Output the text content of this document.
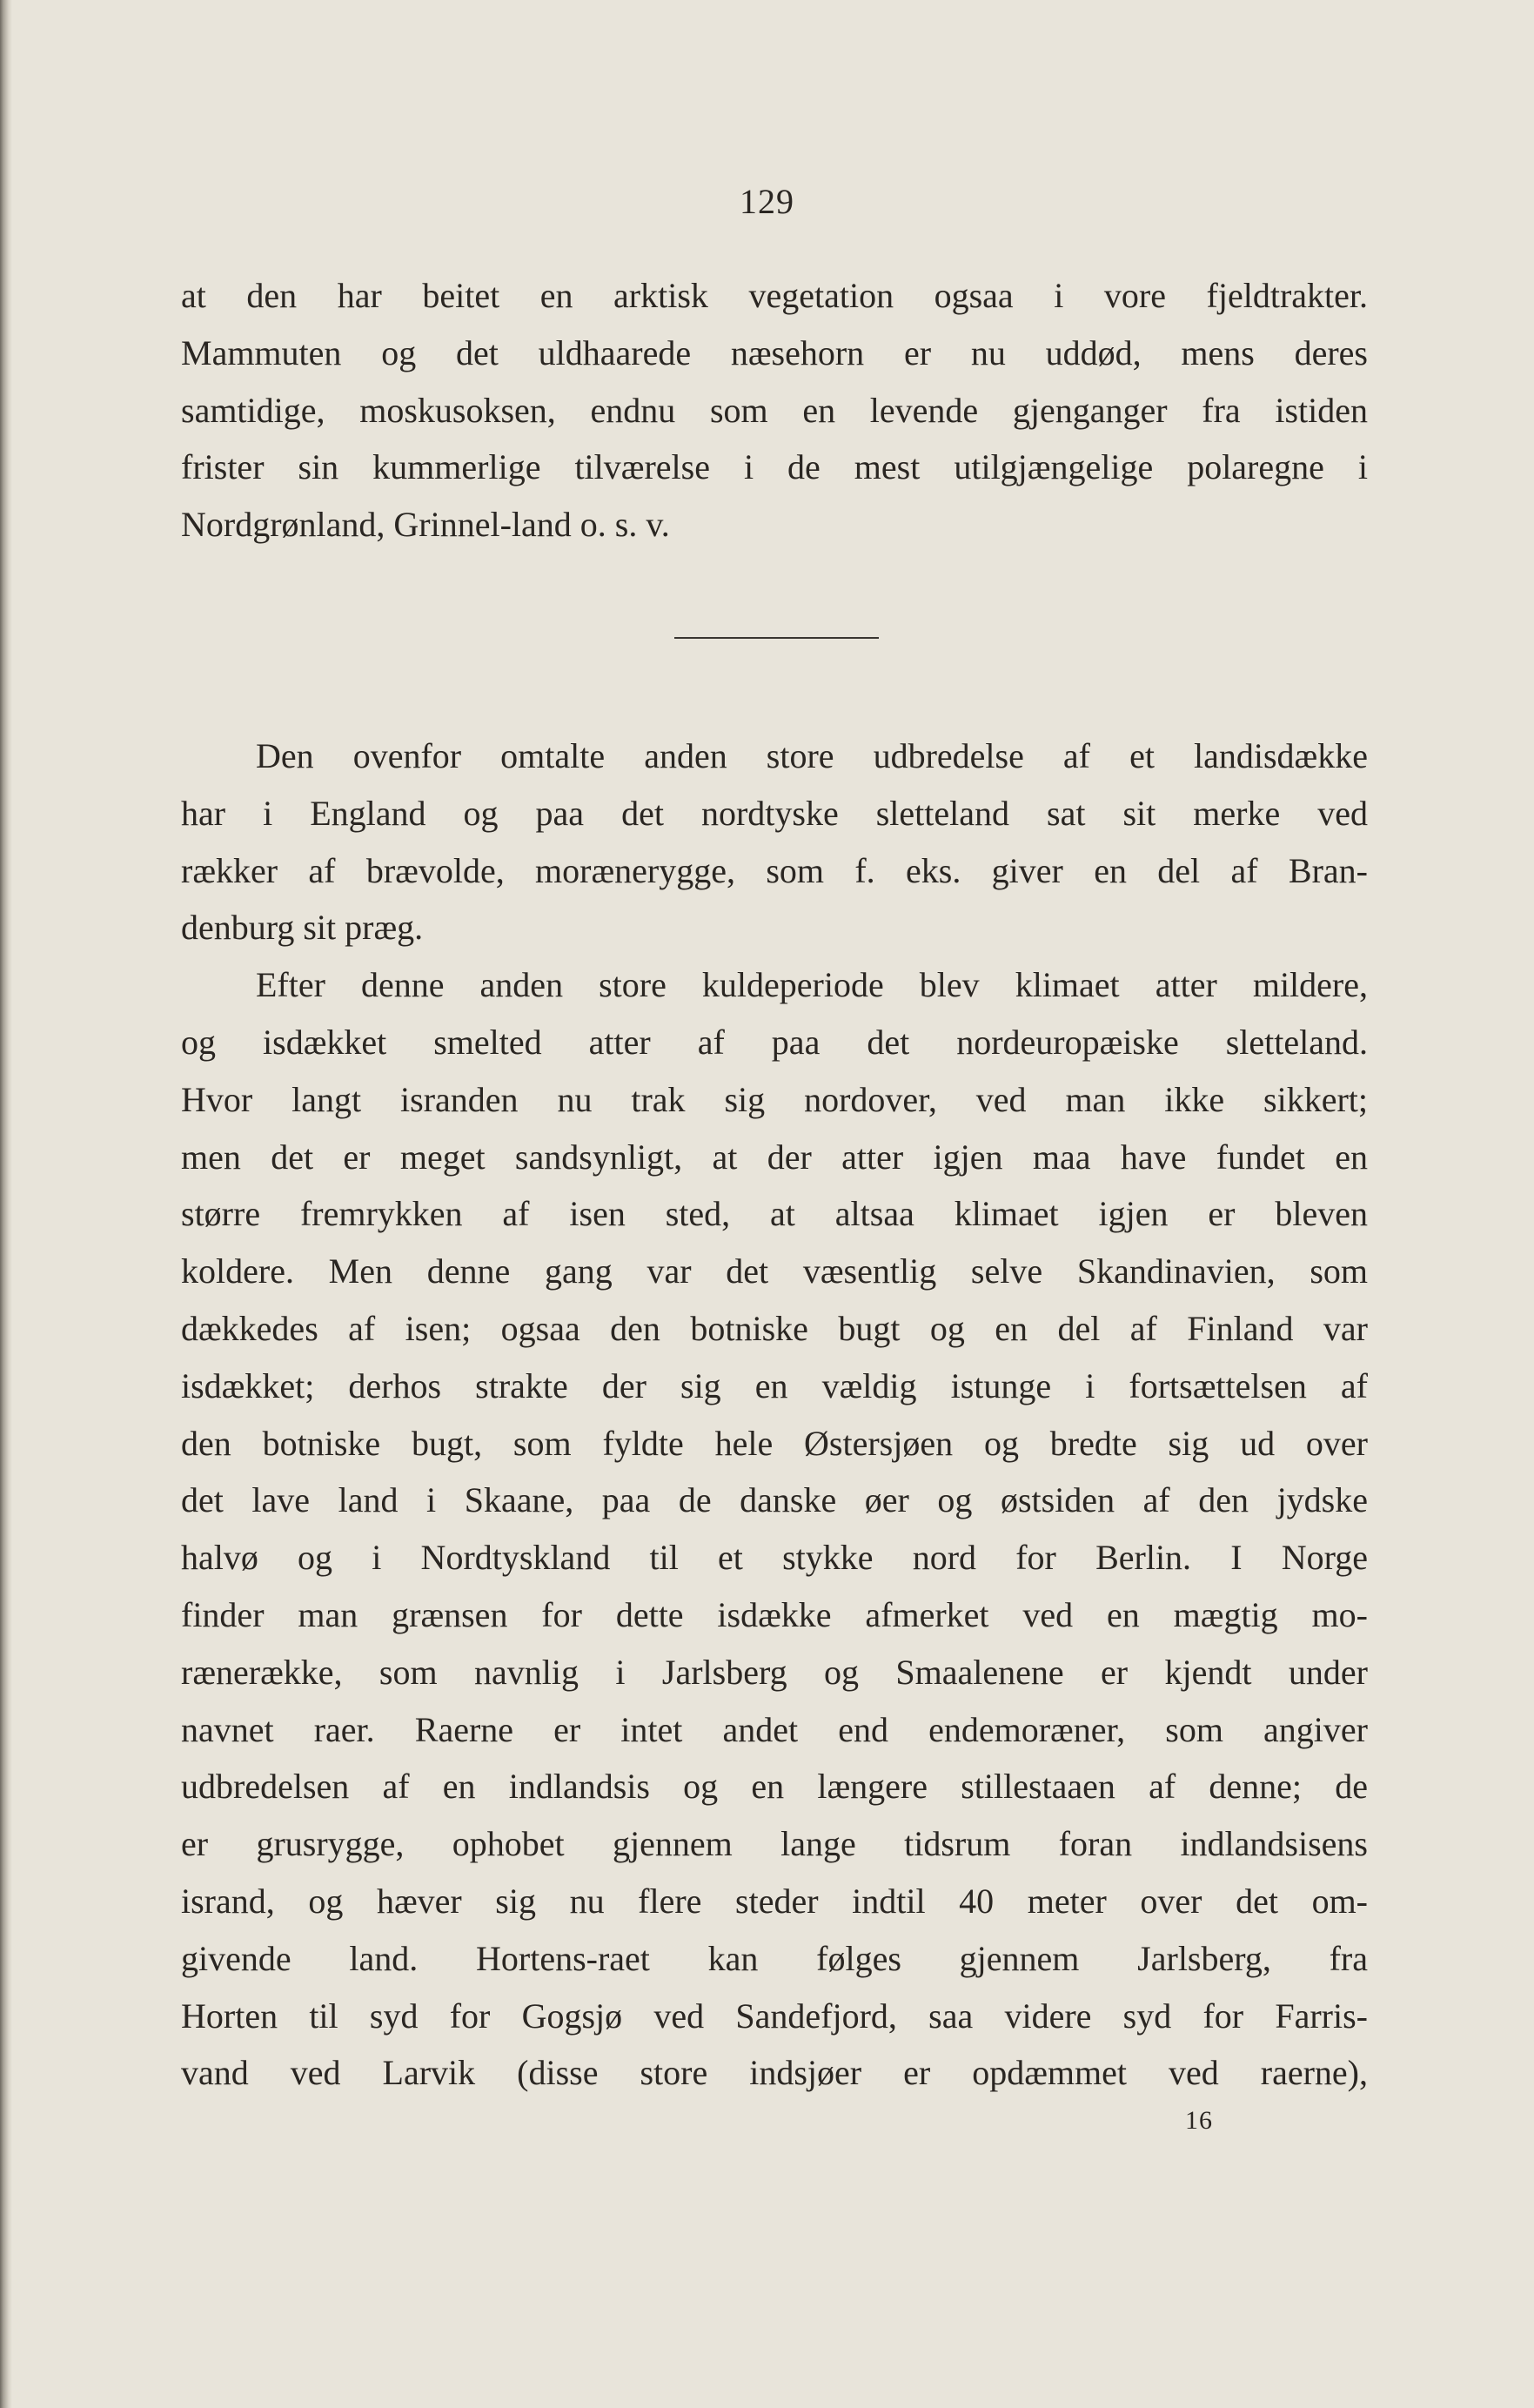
129
at den har beitet en arktisk vegetation ogsaa i vore fjeldtrakter.
Mammuten og det uldhaarede næsehorn er nu uddød, mens deres
samtidige, moskusoksen, endnu som en levende gjenganger fra istiden
frister sin kummerlige tilværelse i de mest utilgjængelige polaregne i
Nordgrønland, Grinnel-land o. s. v.
Den ovenfor omtalte anden store udbredelse af et landisdække
har i England og paa det nordtyske sletteland sat sit merke ved
rækker af brævolde, moræneryggе, som f. eks. giver en del af Bran-
denburg sit præg.
Efter denne anden store kuldeperiode blev klimaet atter mildere,
og isdækket smelted atter af paa det nordeuropæiske sletteland.
Hvor langt isranden nu trak sig nordover, ved man ikke sikkert;
men det er meget sandsynligt, at der atter igjen maa have fundet en
større fremrykken af isen sted, at altsaa klimaet igjen er bleven
koldere. Men denne gang var det væsentlig selve Skandinavien, som
dækkedes af isen; ogsaa den botniske bugt og en del af Finland var
isdækket; derhos strakte der sig en vældig istunge i fortsættelsen af
den botniske bugt, som fyldte hele Østersjøen og bredte sig ud over
det lave land i Skaane, paa de danske øer og østsiden af den jydske
halvø og i Nordtyskland til et stykke nord for Berlin. I Norge
finder man grænsen for dette isdække afmerket ved en mægtig mo-
rænerække, som navnlig i Jarlsberg og Smaalenene er kjendt under
navnet raer. Raerne er intet andet end endemoræner, som angiver
udbredelsen af en indlandsis og en længere stillestaaen af denne; de
er grusrygge, ophobet gjennem lange tidsrum foran indlandsisens
isrand, og hæver sig nu flere steder indtil 40 meter over det om-
givende land. Hortens-raet kan følges gjennem Jarlsberg, fra
Horten til syd for Gogsjø ved Sandefjord, saa videre syd for Farris-
vand ved Larvik (disse store indsjøer er opdæmmet ved raerne),
16
